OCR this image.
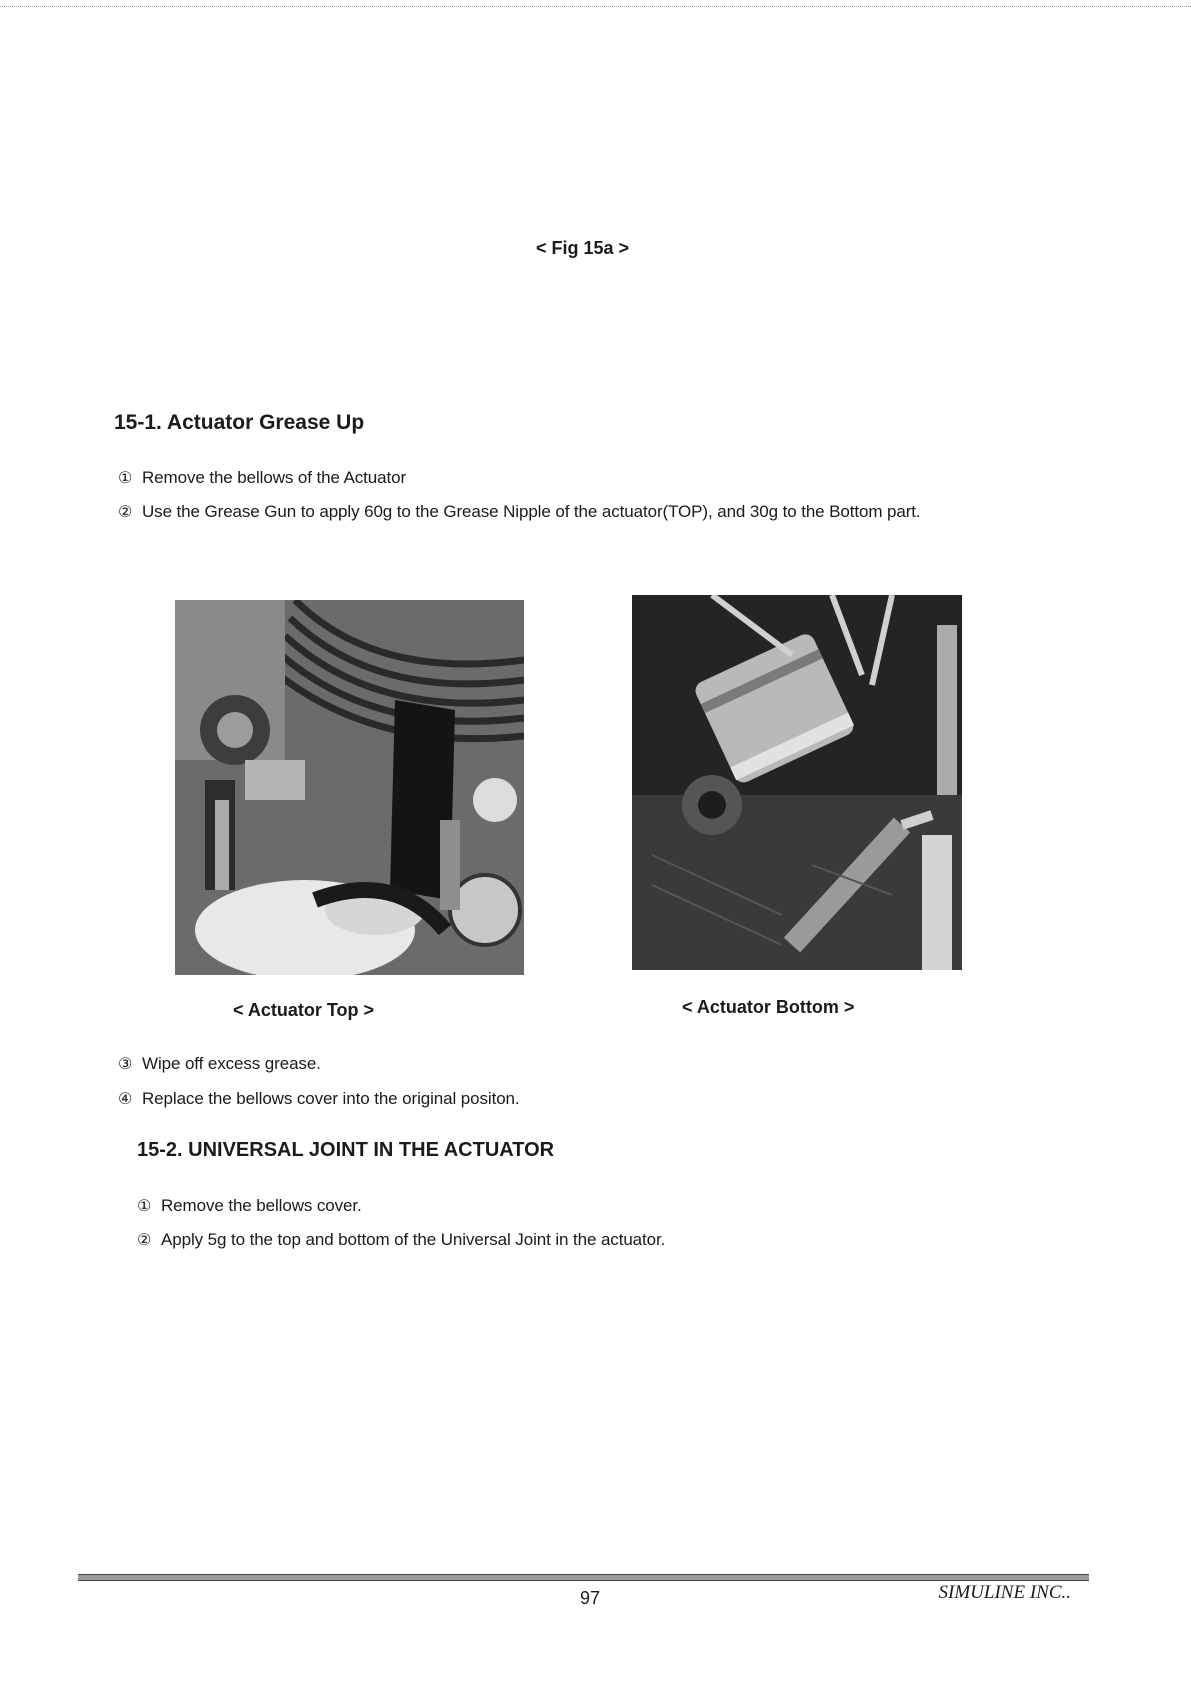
< Fig 15a >
15-1. Actuator Grease Up
① Remove the bellows of the Actuator
② Use the Grease Gun to apply 60g to the Grease Nipple of the actuator(TOP), and 30g to the Bottom part.
< Actuator Top >	< Actuator Bottom >
③ Wipe off excess grease.
④ Replace the bellows cover into the original positon.
15-2. UNIVERSAL JOINT IN THE ACTUATOR
① Remove the bellows cover.
② Apply 5g to the top and bottom of the Universal Joint in the actuator.
97	SIMULINE INC..
